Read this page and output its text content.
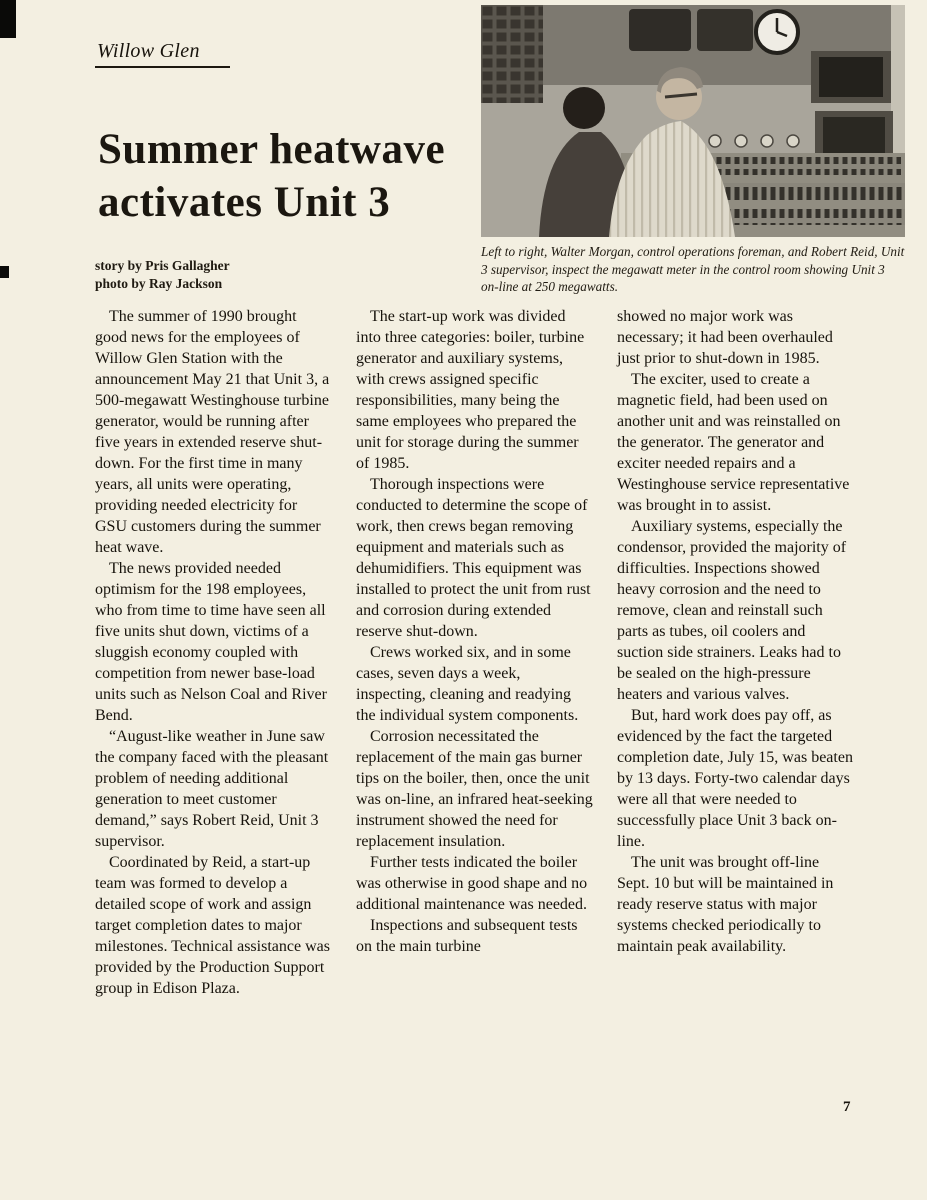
Willow Glen
Summer heatwave
activates Unit 3
Left to right, Walter Morgan, control operations foreman, and Robert Reid, Unit 3 supervisor, inspect the megawatt meter in the control room showing Unit 3 on-line at 250 megawatts.
story by Pris Gallagher
photo by Ray Jackson

The summer of 1990 brought good news for the employees of Willow Glen Station with the announcement May 21 that Unit 3, a 500-megawatt Westinghouse turbine generator, would be running after five years in extended reserve shut-down. For the first time in many years, all units were operating, providing needed electricity for GSU customers during the summer heat wave.

The news provided needed optimism for the 198 employees, who from time to time have seen all five units shut down, victims of a sluggish economy coupled with competition from newer base-load units such as Nelson Coal and River Bend.

“August-like weather in June saw the company faced with the pleasant problem of needing additional generation to meet customer demand,” says Robert Reid, Unit 3 supervisor.

Coordinated by Reid, a start-up team was formed to develop a detailed scope of work and assign target completion dates to major milestones. Technical assistance was provided by the Production Support group in Edison Plaza.

The start-up work was divided into three categories: boiler, turbine generator and auxiliary systems, with crews assigned specific responsibilities, many being the same employees who prepared the unit for storage during the summer of 1985.

Thorough inspections were conducted to determine the scope of work, then crews began removing equipment and materials such as dehumidifiers. This equipment was installed to protect the unit from rust and corrosion during extended reserve shut-down.

Crews worked six, and in some cases, seven days a week, inspecting, cleaning and readying the individual system components.

Corrosion necessitated the replacement of the main gas burner tips on the boiler, then, once the unit was on-line, an infrared heat-seeking instrument showed the need for replacement insulation.

Further tests indicated the boiler was otherwise in good shape and no additional maintenance was needed.

Inspections and subsequent tests on the main turbine

showed no major work was necessary; it had been overhauled just prior to shut-down in 1985.

The exciter, used to create a magnetic field, had been used on another unit and was reinstalled on the generator. The generator and exciter needed repairs and a Westinghouse service representative was brought in to assist.

Auxiliary systems, especially the condensor, provided the majority of difficulties. Inspections showed heavy corrosion and the need to remove, clean and reinstall such parts as tubes, oil coolers and suction side strainers. Leaks had to be sealed on the high-pressure heaters and various valves.

But, hard work does pay off, as evidenced by the fact the targeted completion date, July 15, was beaten by 13 days. Forty-two calendar days were all that were needed to successfully place Unit 3 back on-line.

The unit was brought off-line Sept. 10 but will be maintained in ready reserve status with major systems checked periodically to maintain peak availability.

7
